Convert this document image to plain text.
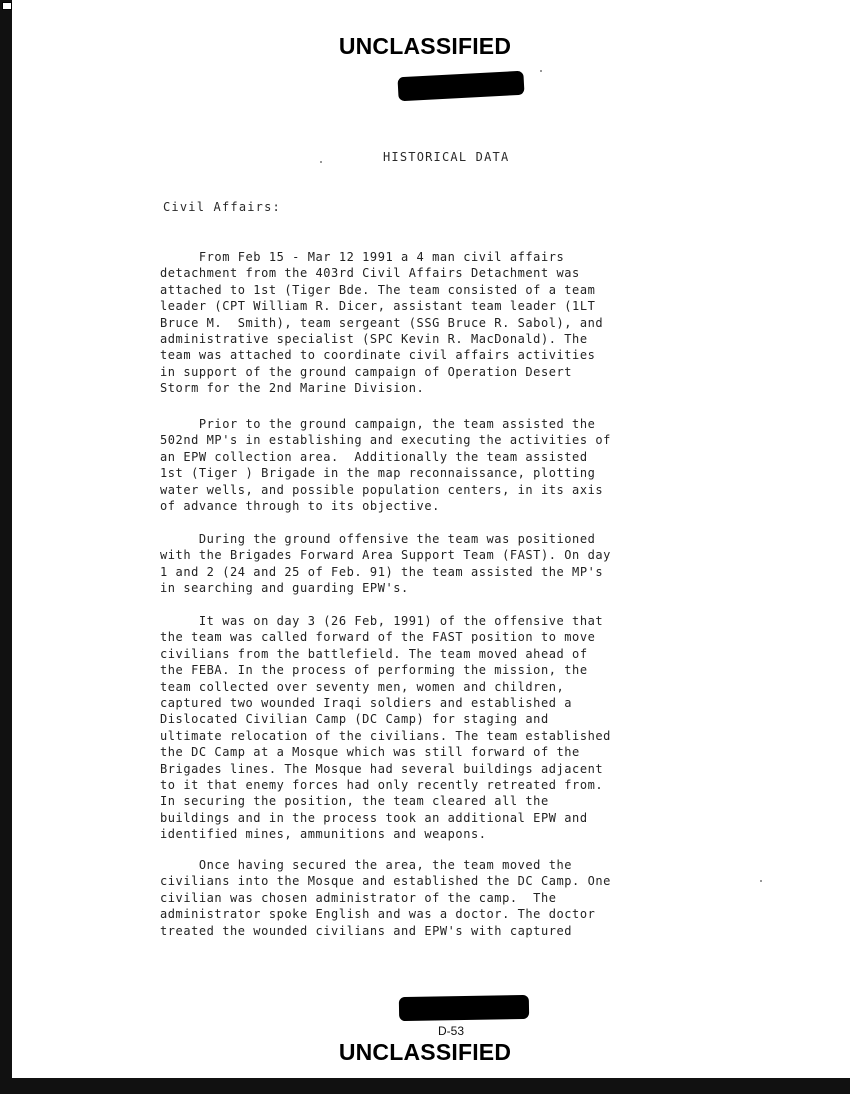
UNCLASSIFIED
HISTORICAL DATA
Civil Affairs:

From Feb 15 - Mar 12 1991 a 4 man civil affairs
detachment from the 403rd Civil Affairs Detachment was
attached to 1st (Tiger Bde. The team consisted of a team
leader (CPT William R. Dicer, assistant team leader (1LT
Bruce M.  Smith), team sergeant (SSG Bruce R. Sabol), and
administrative specialist (SPC Kevin R. MacDonald). The
team was attached to coordinate civil affairs activities
in support of the ground campaign of Operation Desert
Storm for the 2nd Marine Division.

Prior to the ground campaign, the team assisted the
502nd MP's in establishing and executing the activities of
an EPW collection area.  Additionally the team assisted
1st (Tiger ) Brigade in the map reconnaissance, plotting
water wells, and possible population centers, in its axis
of advance through to its objective.

During the ground offensive the team was positioned
with the Brigades Forward Area Support Team (FAST). On day
1 and 2 (24 and 25 of Feb. 91) the team assisted the MP's
in searching and guarding EPW's.

It was on day 3 (26 Feb, 1991) of the offensive that
the team was called forward of the FAST position to move
civilians from the battlefield. The team moved ahead of
the FEBA. In the process of performing the mission, the
team collected over seventy men, women and children,
captured two wounded Iraqi soldiers and established a
Dislocated Civilian Camp (DC Camp) for staging and
ultimate relocation of the civilians. The team established
the DC Camp at a Mosque which was still forward of the
Brigades lines. The Mosque had several buildings adjacent
to it that enemy forces had only recently retreated from.
In securing the position, the team cleared all the
buildings and in the process took an additional EPW and
identified mines, ammunitions and weapons.

Once having secured the area, the team moved the
civilians into the Mosque and established the DC Camp. One
civilian was chosen administrator of the camp.  The
administrator spoke English and was a doctor. The doctor
treated the wounded civilians and EPW's with captured

D-53
UNCLASSIFIED
